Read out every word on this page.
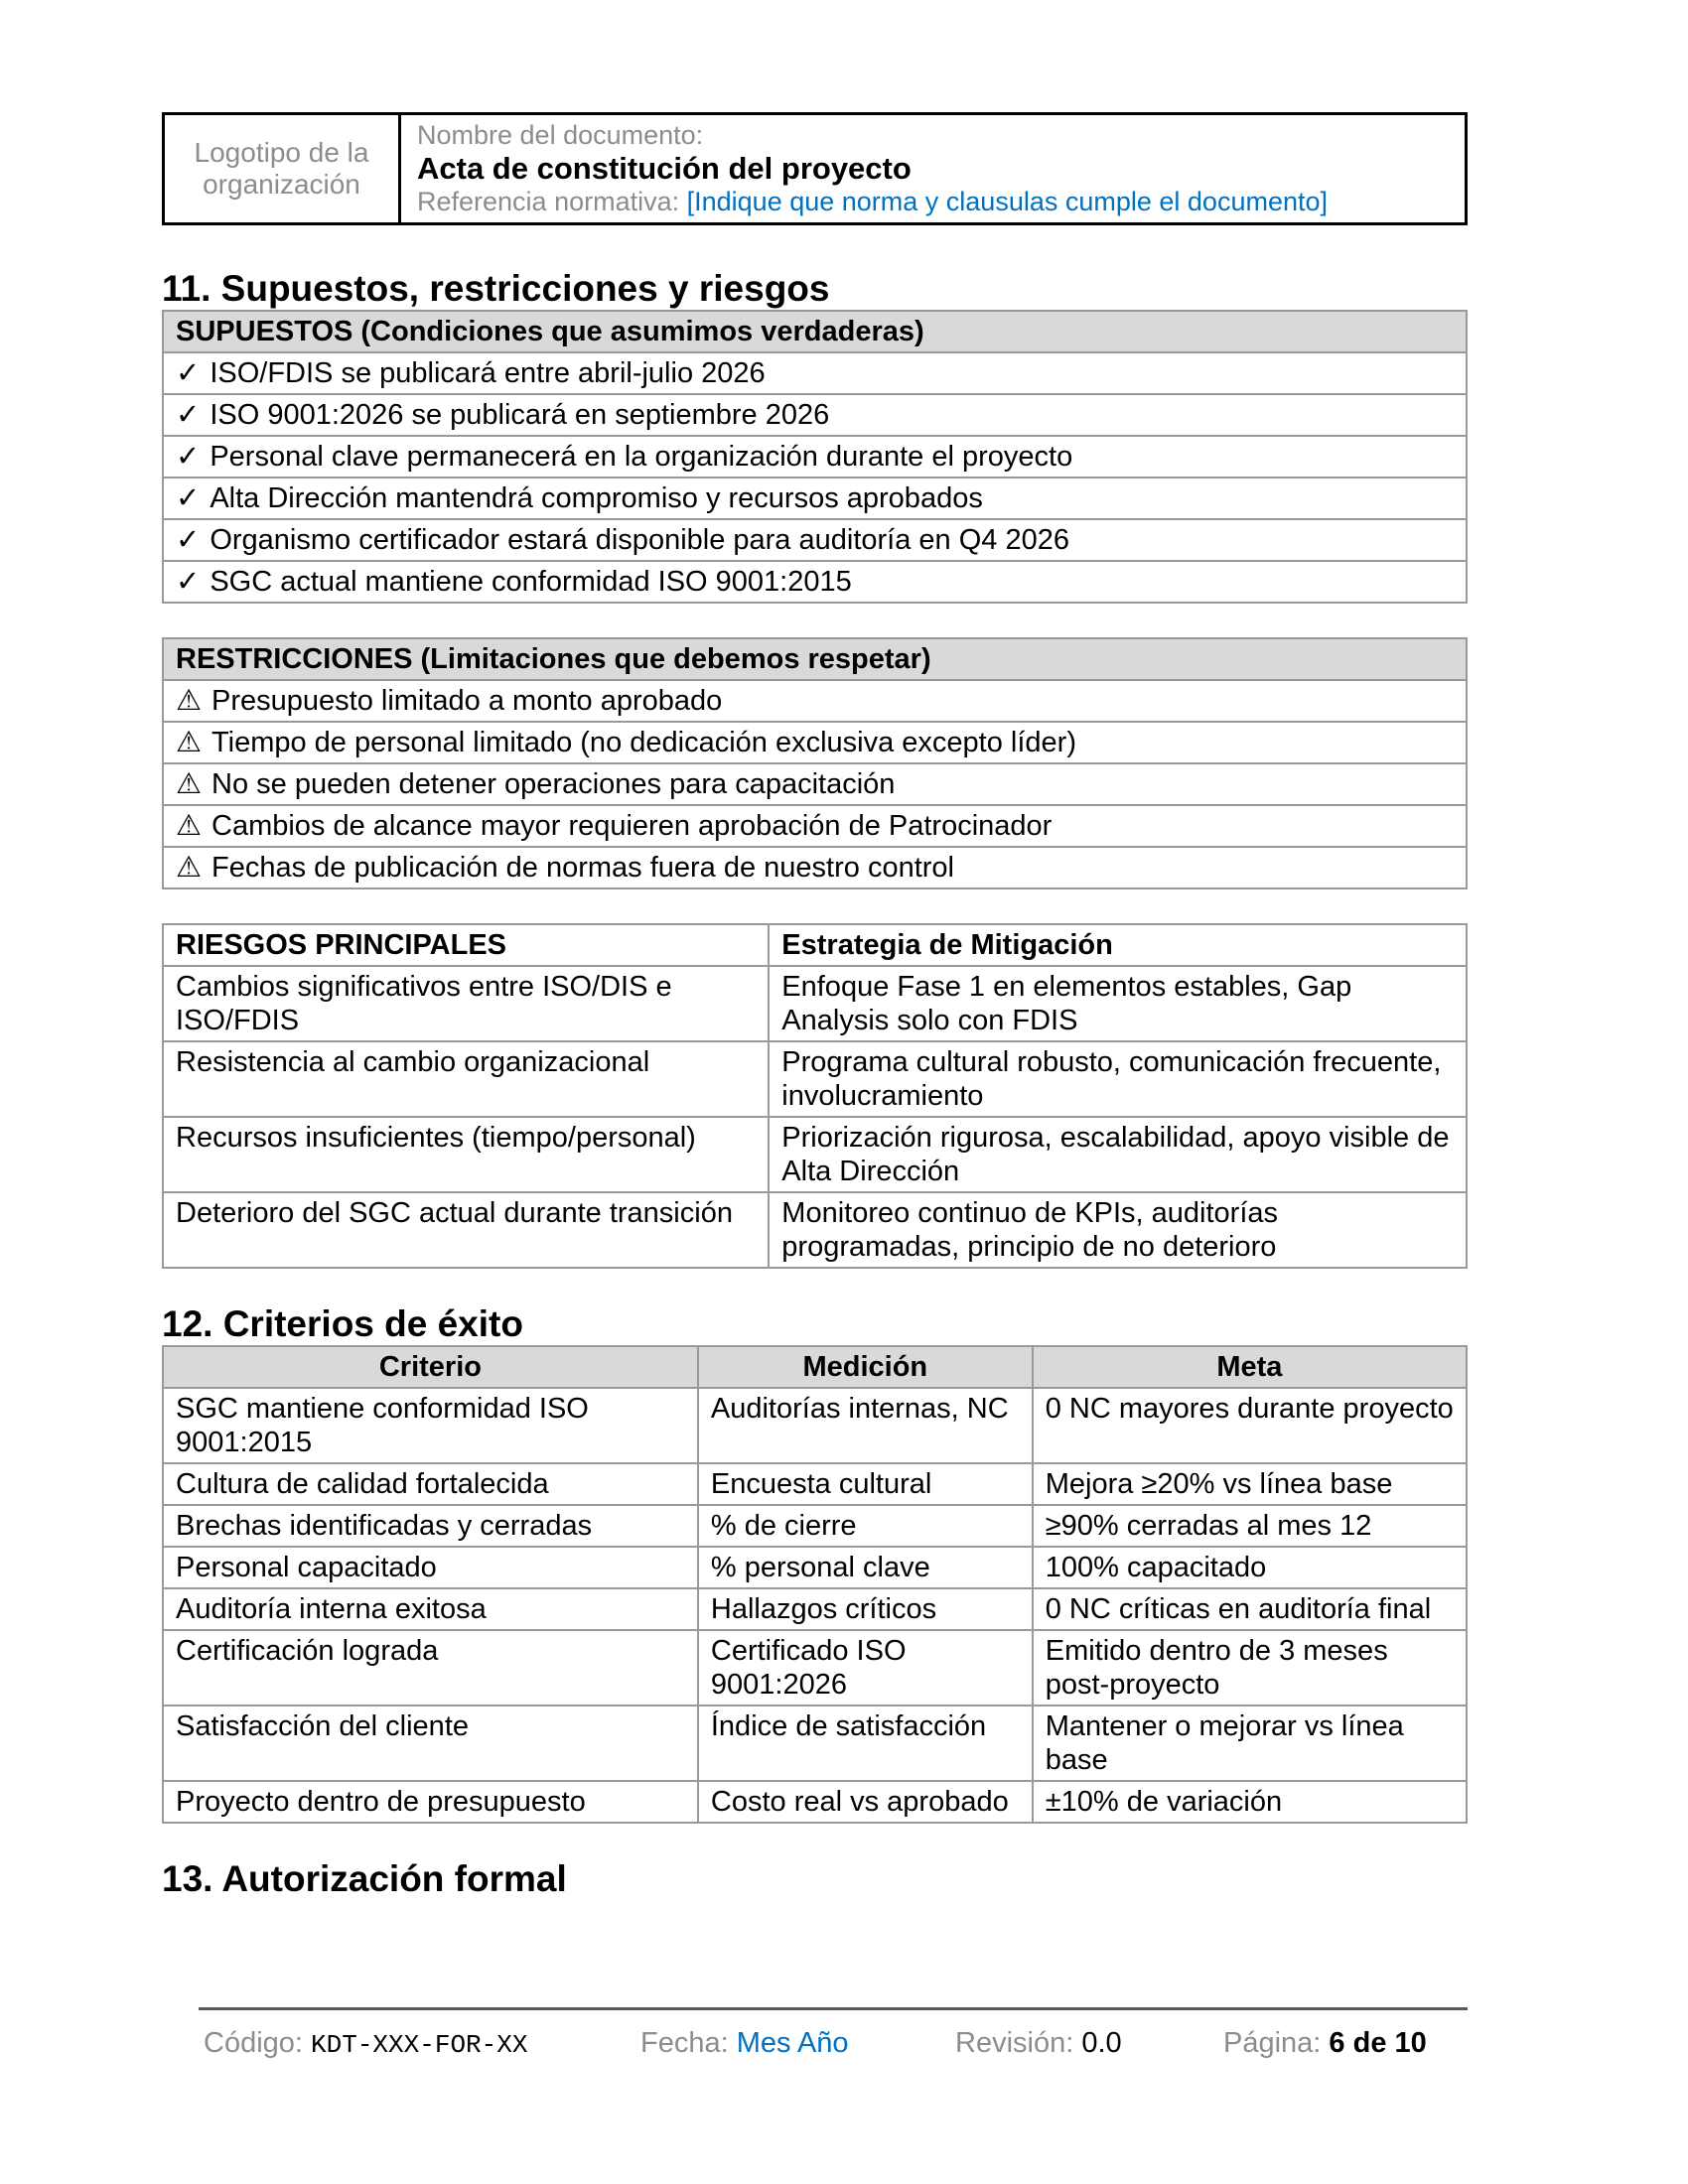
Logotipo de la organización
Nombre del documento:
Acta de constitución del proyecto
Referencia normativa: [Indique que norma y clausulas cumple el documento]
11. Supuestos, restricciones y riesgos
SUPUESTOS (Condiciones que asumimos verdaderas)
✓ ISO/FDIS se publicará entre abril-julio 2026
✓ ISO 9001:2026 se publicará en septiembre 2026
✓ Personal clave permanecerá en la organización durante el proyecto
✓ Alta Dirección mantendrá compromiso y recursos aprobados
✓ Organismo certificador estará disponible para auditoría en Q4 2026
✓ SGC actual mantiene conformidad ISO 9001:2015
RESTRICCIONES (Limitaciones que debemos respetar)
⚠ Presupuesto limitado a monto aprobado
⚠ Tiempo de personal limitado (no dedicación exclusiva excepto líder)
⚠ No se pueden detener operaciones para capacitación
⚠ Cambios de alcance mayor requieren aprobación de Patrocinador
⚠ Fechas de publicación de normas fuera de nuestro control
RIESGOS PRINCIPALES	Estrategia de Mitigación
Cambios significativos entre ISO/DIS e ISO/FDIS	Enfoque Fase 1 en elementos estables, Gap Analysis solo con FDIS
Resistencia al cambio organizacional	Programa cultural robusto, comunicación frecuente, involucramiento
Recursos insuficientes (tiempo/personal)	Priorización rigurosa, escalabilidad, apoyo visible de Alta Dirección
Deterioro del SGC actual durante transición	Monitoreo continuo de KPIs, auditorías programadas, principio de no deterioro
12. Criterios de éxito
Criterio	Medición	Meta
SGC mantiene conformidad ISO 9001:2015	Auditorías internas, NC	0 NC mayores durante proyecto
Cultura de calidad fortalecida	Encuesta cultural	Mejora ≥20% vs línea base
Brechas identificadas y cerradas	% de cierre	≥90% cerradas al mes 12
Personal capacitado	% personal clave	100% capacitado
Auditoría interna exitosa	Hallazgos críticos	0 NC críticas en auditoría final
Certificación lograda	Certificado ISO 9001:2026	Emitido dentro de 3 meses post-proyecto
Satisfacción del cliente	Índice de satisfacción	Mantener o mejorar vs línea base
Proyecto dentro de presupuesto	Costo real vs aprobado	±10% de variación
13. Autorización formal
Código: KDT-XXX-FOR-XX	Fecha: Mes Año	Revisión: 0.0	Página: 6 de 10
